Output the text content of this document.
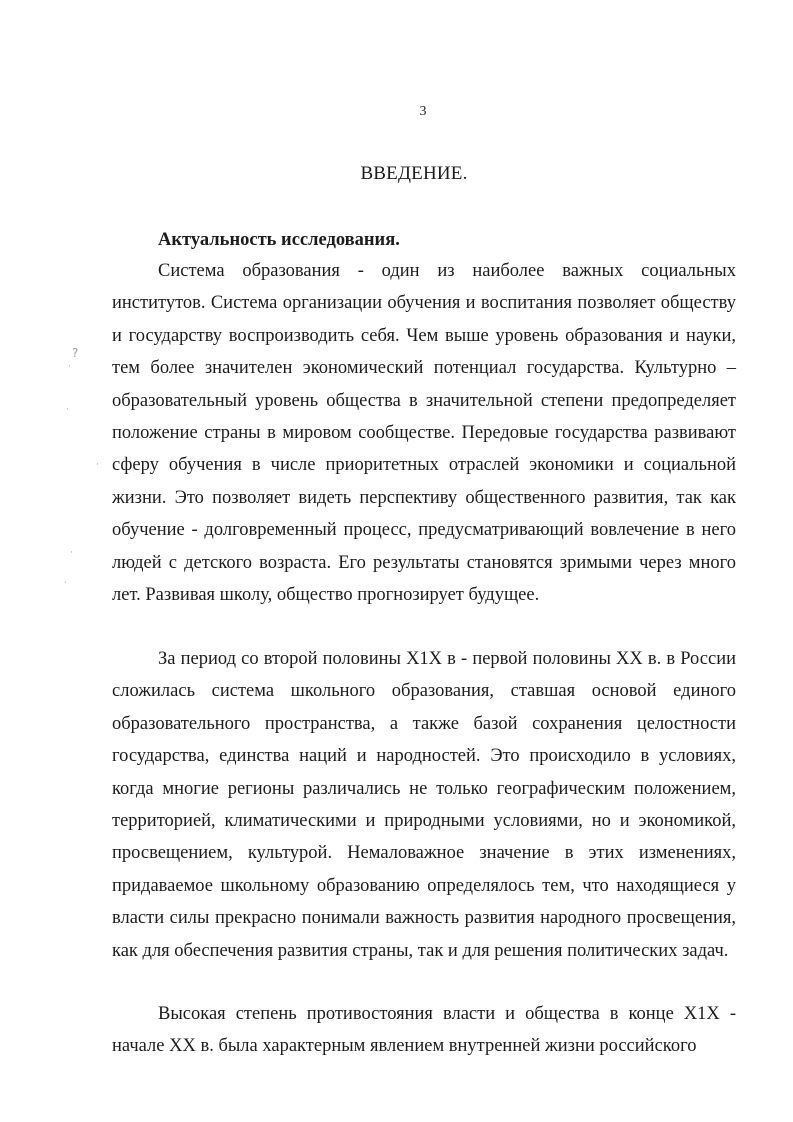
3
ВВЕДЕНИЕ.
Актуальность исследования.

Система образования - один из наиболее важных социальных институтов. Система организации обучения и воспитания позволяет обществу и государству воспроизводить себя. Чем выше уровень образования и науки, тем более значителен экономический потенциал государства. Культурно – образовательный уровень общества в значительной степени предопределяет положение страны в мировом сообществе. Передовые государства развивают сферу обучения в числе приоритетных отраслей экономики и социальной жизни. Это позволяет видеть перспективу общественного развития, так как обучение - долговременный процесс, предусматривающий вовлечение в него людей с детского возраста. Его результаты становятся зримыми через много лет. Развивая школу, общество прогнозирует будущее.

За период со второй половины X1X в - первой половины XX в. в России сложилась система школьного образования, ставшая основой единого образовательного пространства, а также базой сохранения целостности государства, единства наций и народностей. Это происходило в условиях, когда многие регионы различались не только географическим положением, территорией, климатическими и природными условиями, но и экономикой, просвещением, культурой. Немаловажное значение в этих изменениях, придаваемое школьному образованию определялось тем, что находящиеся у власти силы прекрасно понимали важность развития народного просвещения, как для обеспечения развития страны, так и для решения политических задач.

Высокая степень противостояния власти и общества в конце X1X - начале XX в. была характерным явлением внутренней жизни российского

?
·
·
·
·
·
